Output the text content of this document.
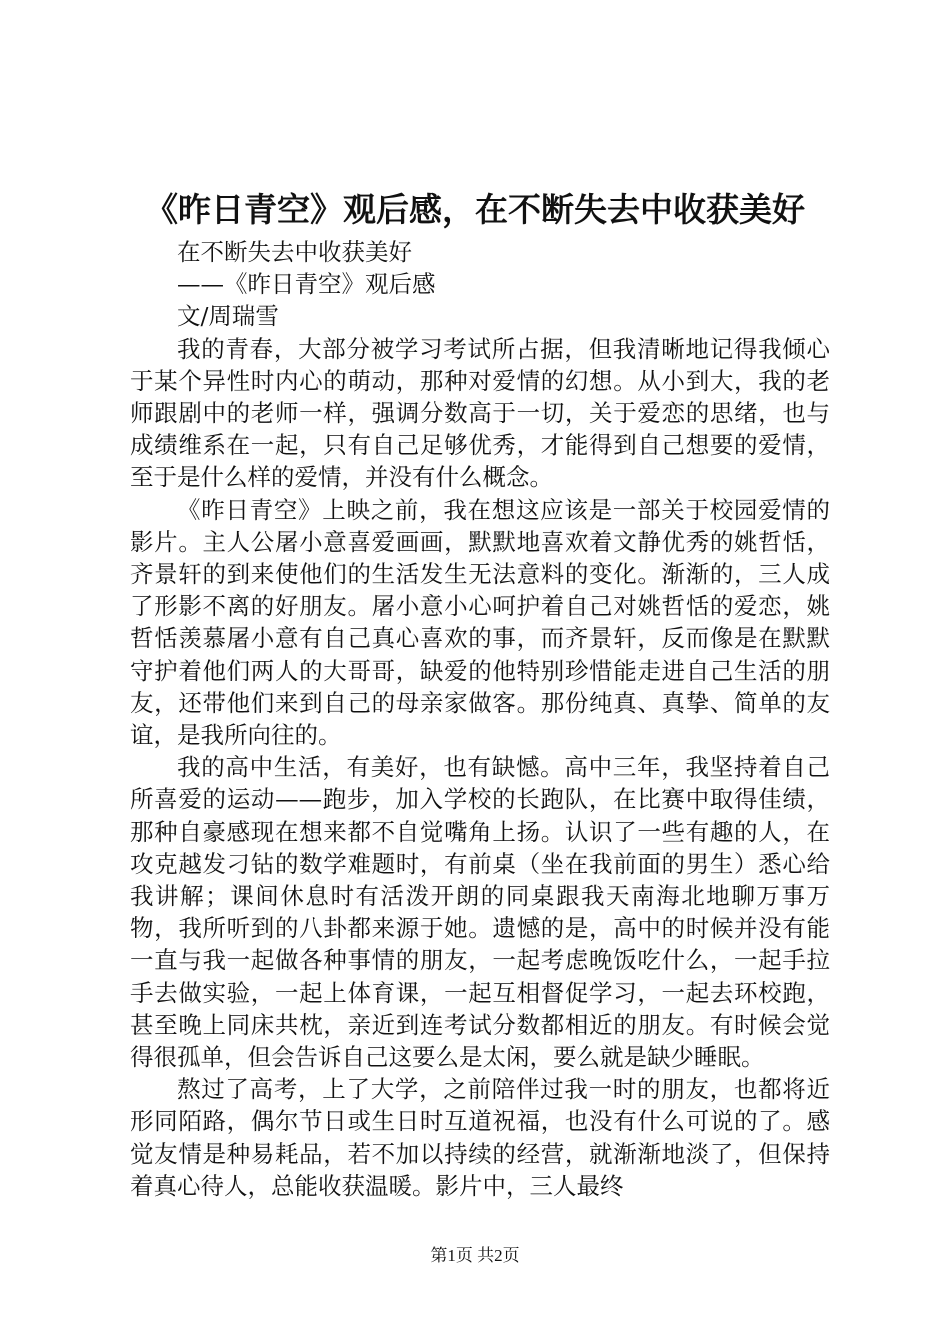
《昨日青空》观后感，在不断失去中收获美好
在不断失去中收获美好
——《昨日青空》观后感
文/周瑞雪

我的青春，大部分被学习考试所占据，但我清晰地记得我倾心于某个异性时内心的萌动，那种对爱情的幻想。从小到大，我的老师跟剧中的老师一样，强调分数高于一切，关于爱恋的思绪，也与成绩维系在一起，只有自己足够优秀，才能得到自己想要的爱情，至于是什么样的爱情，并没有什么概念。

《昨日青空》上映之前，我在想这应该是一部关于校园爱情的影片。主人公屠小意喜爱画画，默默地喜欢着文静优秀的姚哲恬，齐景轩的到来使他们的生活发生无法意料的变化。渐渐的，三人成了形影不离的好朋友。屠小意小心呵护着自己对姚哲恬的爱恋，姚哲恬羡慕屠小意有自己真心喜欢的事，而齐景轩，反而像是在默默守护着他们两人的大哥哥，缺爱的他特别珍惜能走进自己生活的朋友，还带他们来到自己的母亲家做客。那份纯真、真挚、简单的友谊，是我所向往的。

我的高中生活，有美好，也有缺憾。高中三年，我坚持着自己所喜爱的运动——跑步，加入学校的长跑队，在比赛中取得佳绩，那种自豪感现在想来都不自觉嘴角上扬。认识了一些有趣的人，在攻克越发刁钻的数学难题时，有前桌（坐在我前面的男生）悉心给我讲解；课间休息时有活泼开朗的同桌跟我天南海北地聊万事万物，我所听到的八卦都来源于她。遗憾的是，高中的时候并没有能一直与我一起做各种事情的朋友，一起考虑晚饭吃什么，一起手拉手去做实验，一起上体育课，一起互相督促学习，一起去环校跑，甚至晚上同床共枕，亲近到连考试分数都相近的朋友。有时候会觉得很孤单，但会告诉自己这要么是太闲，要么就是缺少睡眠。

熬过了高考，上了大学，之前陪伴过我一时的朋友，也都将近形同陌路，偶尔节日或生日时互道祝福，也没有什么可说的了。感觉友情是种易耗品，若不加以持续的经营，就渐渐地淡了，但保持着真心待人，总能收获温暖。影片中，三人最终

第1页 共2页
